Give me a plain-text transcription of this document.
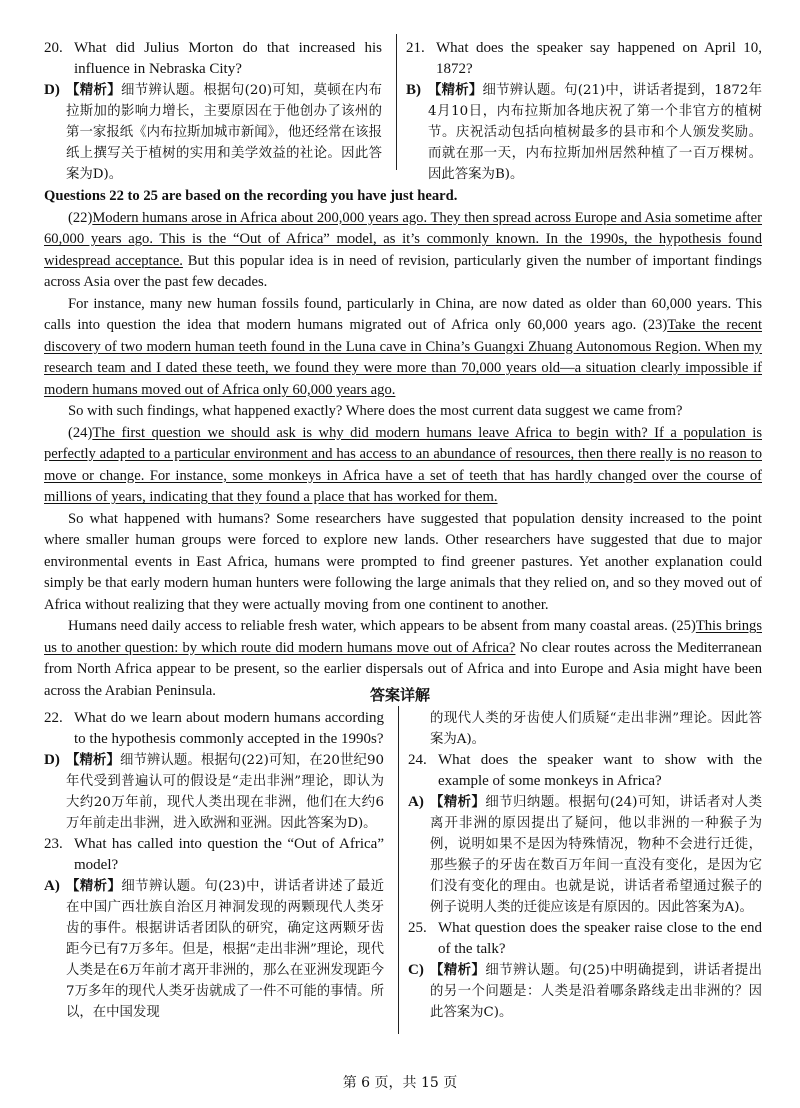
20. What did Julius Morton do that increased his influence in Nebraska City?
D) 【精析】细节辨认题。根据句(20)可知，莫顿在内布拉斯加的影响力增长，主要原因在于他创办了该州的第一家报纸《内布拉斯加城市新闻》，他还经常在该报纸上撰写关于植树的实用和美学效益的社论。因此答案为D)。
21. What does the speaker say happened on April 10, 1872?
B) 【精析】细节辨认题。句(21)中，讲话者提到，1872年4月10日，内布拉斯加各地庆祝了第一个非官方的植树节。庆祝活动包括向植树最多的县市和个人颁发奖励。而就在那一天，内布拉斯加州居然种植了一百万棵树。因此答案为B)。

Questions 22 to 25 are based on the recording you have just heard.

(22)Modern humans arose in Africa about 200,000 years ago. They then spread across Europe and Asia sometime after 60,000 years ago. This is the “Out of Africa” model, as it’s commonly known. In the 1990s, the hypothesis found widespread acceptance. But this popular idea is in need of revision, particularly given the number of important findings across Asia over the past few decades.

For instance, many new human fossils found, particularly in China, are now dated as older than 60,000 years. This calls into question the idea that modern humans migrated out of Africa only 60,000 years ago. (23)Take the recent discovery of two modern human teeth found in the Luna cave in China’s Guangxi Zhuang Autonomous Region. When my research team and I dated these teeth, we found they were more than 70,000 years old—a situation clearly impossible if modern humans moved out of Africa only 60,000 years ago.

So with such findings, what happened exactly? Where does the most current data suggest we came from?

(24)The first question we should ask is why did modern humans leave Africa to begin with? If a population is perfectly adapted to a particular environment and has access to an abundance of resources, then there really is no reason to move or change. For instance, some monkeys in Africa have a set of teeth that has hardly changed over the course of millions of years, indicating that they found a place that has worked for them.

So what happened with humans? Some researchers have suggested that population density increased to the point where smaller human groups were forced to explore new lands. Other researchers have suggested that due to major environmental events in East Africa, humans were prompted to find greener pastures. Yet another explanation could simply be that early modern human hunters were following the large animals that they relied on, and so they moved out of Africa without realizing that they were actually moving from one continent to another.

Humans need daily access to reliable fresh water, which appears to be absent from many coastal areas. (25)This brings us to another question: by which route did modern humans move out of Africa? No clear routes across the Mediterranean from North Africa appear to be present, so the earlier dispersals out of Africa and into Europe and Asia might have been across the Arabian Peninsula.	答案详解
22. What do we learn about modern humans according to the hypothesis commonly accepted in the 1990s?
D) 【精析】细节辨认题。根据句(22)可知，在20世纪90年代受到普遍认可的假设是“走出非洲”理论，即认为大约20万年前，现代人类出现在非洲，他们在大约6万年前走出非洲，进入欧洲和亚洲。因此答案为D)。
23. What has called into question the “Out of Africa” model?
A) 【精析】细节辨认题。句(23)中，讲话者讲述了最近在中国广西壮族自治区月神洞发现的两颗现代人类牙齿的事件。根据讲话者团队的研究，确定这两颗牙齿距今已有7万多年。但是，根据“走出非洲”理论，现代人类是在6万年前才离开非洲的，那么在亚洲发现距今7万多年的现代人类牙齿就成了一件不可能的事情。所以，在中国发现
的现代人类的牙齿使人们质疑“走出非洲”理论。因此答案为A)。
24. What does the speaker want to show with the example of some monkeys in Africa?
A) 【精析】细节归纳题。根据句(24)可知，讲话者对人类离开非洲的原因提出了疑问，他以非洲的一种猴子为例，说明如果不是因为特殊情况，物种不会进行迁徙，那些猴子的牙齿在数百万年间一直没有变化，是因为它们没有变化的理由。也就是说，讲话者希望通过猴子的例子说明人类的迁徙应该是有原因的。因此答案为A)。
25. What question does the speaker raise close to the end of the talk?
C) 【精析】细节辨认题。句(25)中明确提到，讲话者提出的另一个问题是：人类是沿着哪条路线走出非洲的？因此答案为C)。
第 6 页，共 15 页
